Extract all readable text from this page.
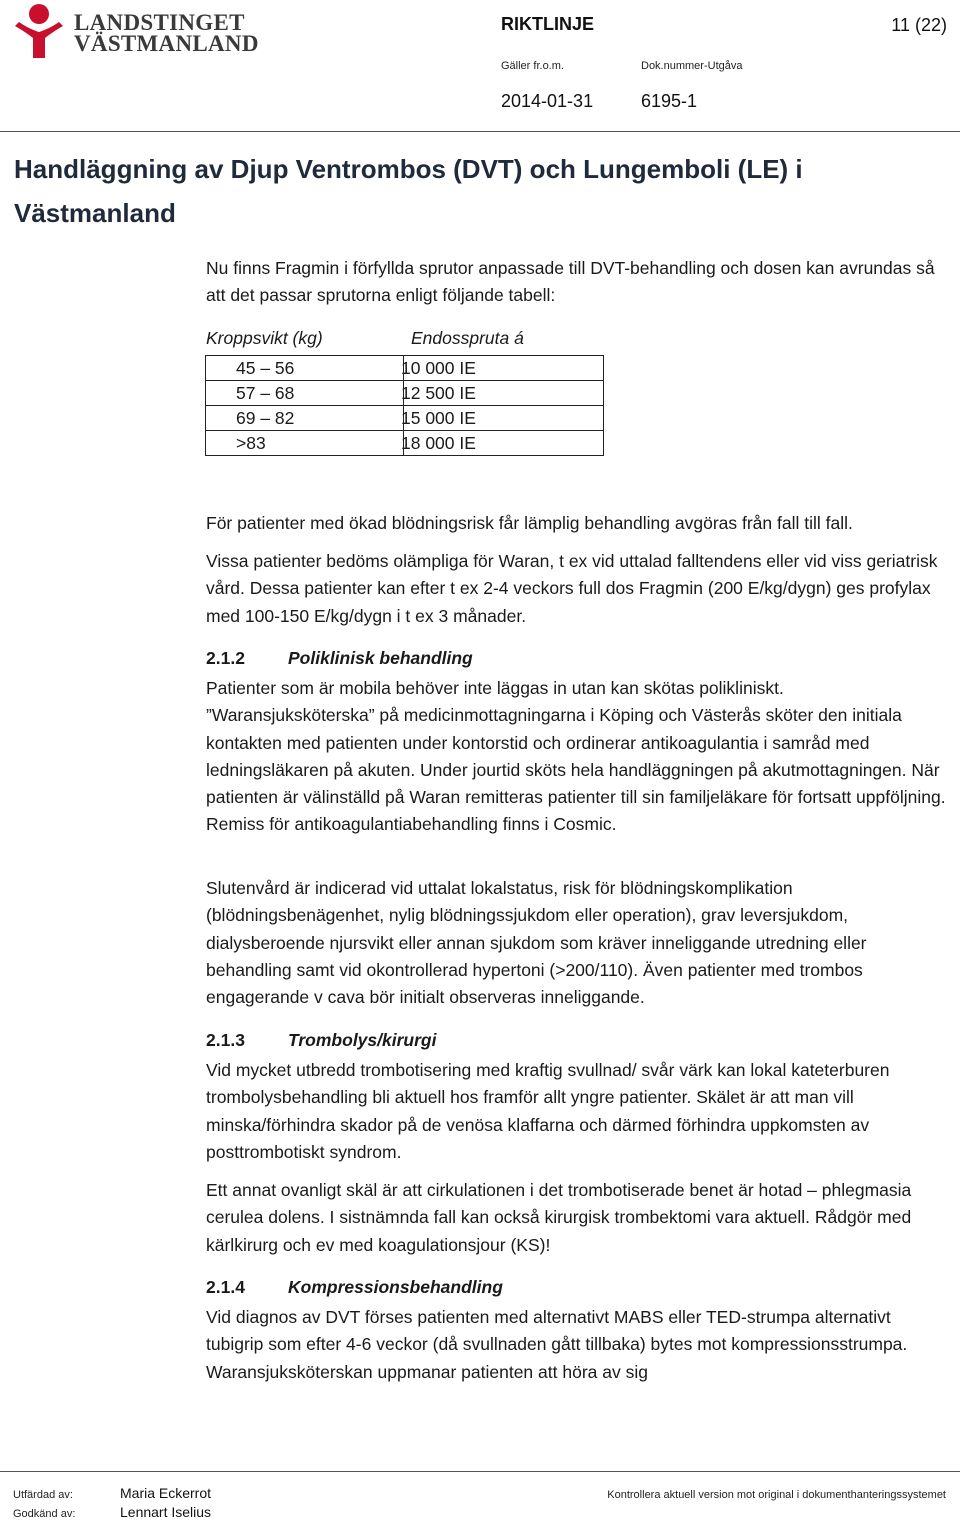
LANDSTINGET
VÄSTMANLAND
RIKTLINJE	11 (22)
Gäller fr.o.m.	Dok.nummer-Utgåva
2014-01-31	6195-1
Handläggning av Djup Ventrombos (DVT) och Lungemboli (LE) i Västmanland
Nu finns Fragmin i förfyllda sprutor anpassade till DVT-behandling och dosen kan avrundas så att det passar sprutorna enligt följande tabell:
Kroppsvikt (kg)	Endosspruta á
45 – 56	10 000 IE
57 – 68	12 500 IE
69 – 82	15 000 IE
>83	18 000 IE
För patienter med ökad blödningsrisk får lämplig behandling avgöras från fall till fall.
Vissa patienter bedöms olämpliga för Waran, t ex vid uttalad falltendens eller vid viss geriatrisk vård. Dessa patienter kan efter t ex 2-4 veckors full dos Fragmin (200 E/kg/dygn) ges profylax med 100-150 E/kg/dygn i t ex 3 månader.
2.1.2 Poliklinisk behandling
Patienter som är mobila behöver inte läggas in utan kan skötas polikliniskt. ”Waransjuksköterska” på medicinmottagningarna i Köping och Västerås sköter den initiala kontakten med patienten under kontorstid och ordinerar antikoagulantia i samråd med ledningsläkaren på akuten. Under jourtid sköts hela handläggningen på akutmottagningen. När patienten är välinställd på Waran remitteras patienter till sin familjeläkare för fortsatt uppföljning. Remiss för antikoagulantiabehandling finns i Cosmic.
Slutenvård är indicerad vid uttalat lokalstatus, risk för blödningskomplikation (blödningsbenägenhet, nylig blödningssjukdom eller operation), grav leversjukdom, dialysberoende njursvikt eller annan sjukdom som kräver inneliggande utredning eller behandling samt vid okontrollerad hypertoni (>200/110). Även patienter med trombos engagerande v cava bör initialt observeras inneliggande.
2.1.3 Trombolys/kirurgi
Vid mycket utbredd trombotisering med kraftig svullnad/ svår värk kan lokal kateterburen trombolysbehandling bli aktuell hos framför allt yngre patienter. Skälet är att man vill minska/förhindra skador på de venösa klaffarna och därmed förhindra uppkomsten av posttrombotiskt syndrom.
Ett annat ovanligt skäl är att cirkulationen i det trombotiserade benet är hotad – phlegmasia cerulea dolens. I sistnämnda fall kan också kirurgisk trombektomi vara aktuell. Rådgör med kärlkirurg och ev med koagulationsjour (KS)!
2.1.4 Kompressionsbehandling
Vid diagnos av DVT förses patienten med alternativt MABS eller TED-strumpa alternativt tubigrip som efter 4-6 veckor (då svullnaden gått tillbaka) bytes mot kompressionsstrumpa. Waransjuksköterskan uppmanar patienten att höra av sig
Utfärdad av:
Godkänd av:
Maria Eckerrot
Lennart Iselius
Kontrollera aktuell version mot original i dokumenthanteringssystemet
